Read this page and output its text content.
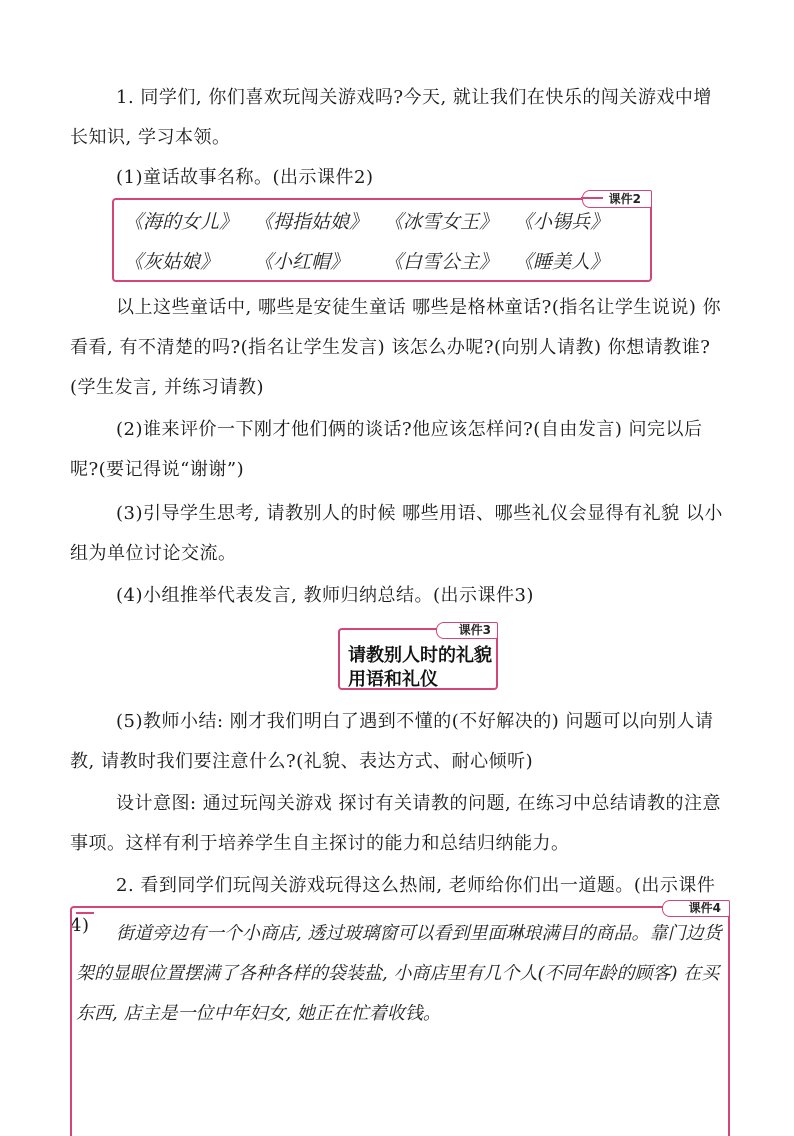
1. 同学们, 你们喜欢玩闯关游戏吗?今天, 就让我们在快乐的闯关游戏中增长知识, 学习本领。
(1)童话故事名称。(出示课件2)
课件2
《海的女儿》 《拇指姑娘》 《冰雪女王》 《小锡兵》
《灰姑娘》 《小红帽》 《白雪公主》 《睡美人》
以上这些童话中, 哪些是安徒生童话 哪些是格林童话?(指名让学生说说) 你看看, 有不清楚的吗?(指名让学生发言) 该怎么办呢?(向别人请教) 你想请教谁?(学生发言, 并练习请教)
(2)谁来评价一下刚才他们俩的谈话?他应该怎样问?(自由发言) 问完以后呢?(要记得说“谢谢”)
(3)引导学生思考, 请教别人的时候 哪些用语、哪些礼仪会显得有礼貌 以小组为单位讨论交流。
(4)小组推举代表发言, 教师归纳总结。(出示课件3)
课件3
请教别人时的礼貌用语和礼仪
(5)教师小结: 刚才我们明白了遇到不懂的(不好解决的) 问题可以向别人请教, 请教时我们要注意什么?(礼貌、表达方式、耐心倾听)
设计意图: 通过玩闯关游戏 探讨有关请教的问题, 在练习中总结请教的注意事项。这样有利于培养学生自主探讨的能力和总结归纳能力。
2. 看到同学们玩闯关游戏玩得这么热闹, 老师给你们出一道题。(出示课件4)
课件4
街道旁边有一个小商店, 透过玻璃窗可以看到里面琳琅满目的商品。靠门边货架的显眼位置摆满了各种各样的袋装盐, 小商店里有几个人(不同年龄的顾客) 在买东西, 店主是一位中年妇女, 她正在忙着收钱。
